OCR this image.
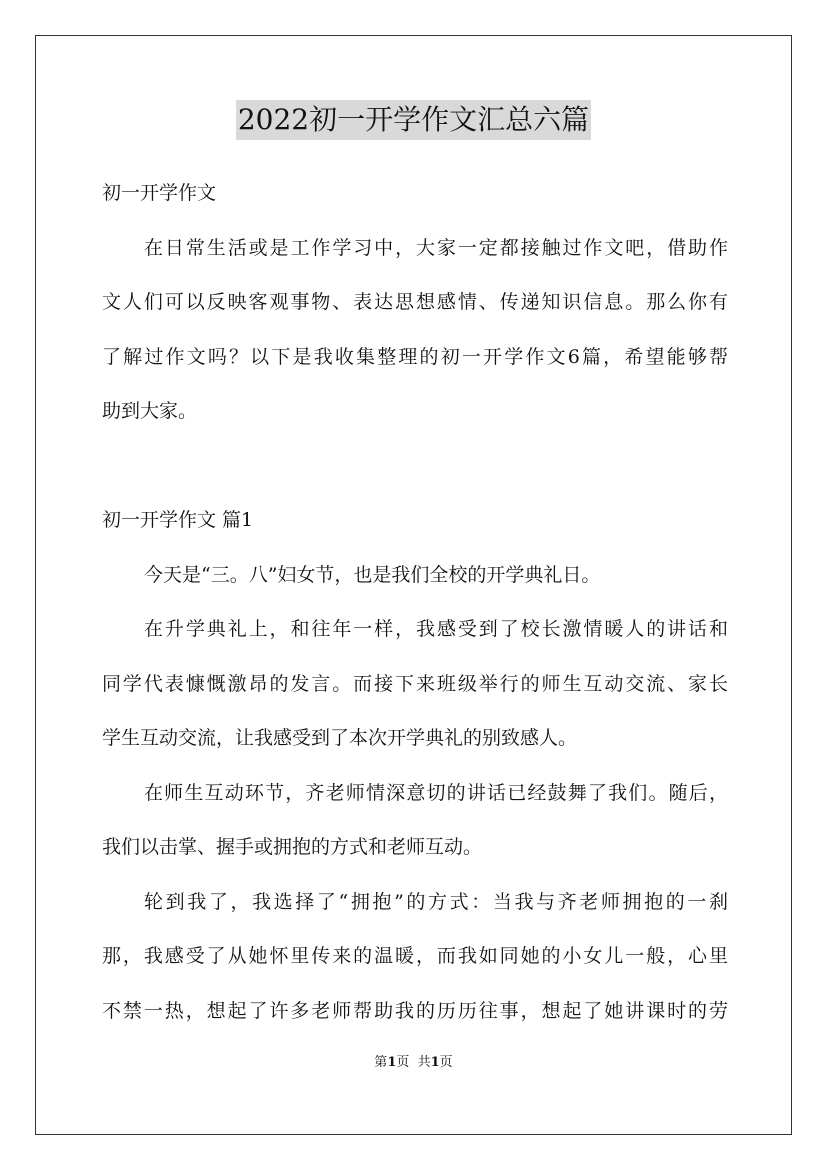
2022初一开学作文汇总六篇
初一开学作文
在日常生活或是工作学习中，大家一定都接触过作文吧，借助作
文人们可以反映客观事物、表达思想感情、传递知识信息。那么你有
了解过作文吗？以下是我收集整理的初一开学作文6篇，希望能够帮
助到大家。
初一开学作文 篇1
今天是“三。八”妇女节，也是我们全校的开学典礼日。
在升学典礼上，和往年一样，我感受到了校长激情暖人的讲话和
同学代表慷慨激昂的发言。而接下来班级举行的师生互动交流、家长
学生互动交流，让我感受到了本次开学典礼的别致感人。
在师生互动环节，齐老师情深意切的讲话已经鼓舞了我们。随后，
我们以击掌、握手或拥抱的方式和老师互动。
轮到我了，我选择了“拥抱”的方式：当我与齐老师拥抱的一刹
那，我感受了从她怀里传来的温暖，而我如同她的小女儿一般，心里
不禁一热，想起了许多老师帮助我的历历往事，想起了她讲课时的劳
第1页  共1页
